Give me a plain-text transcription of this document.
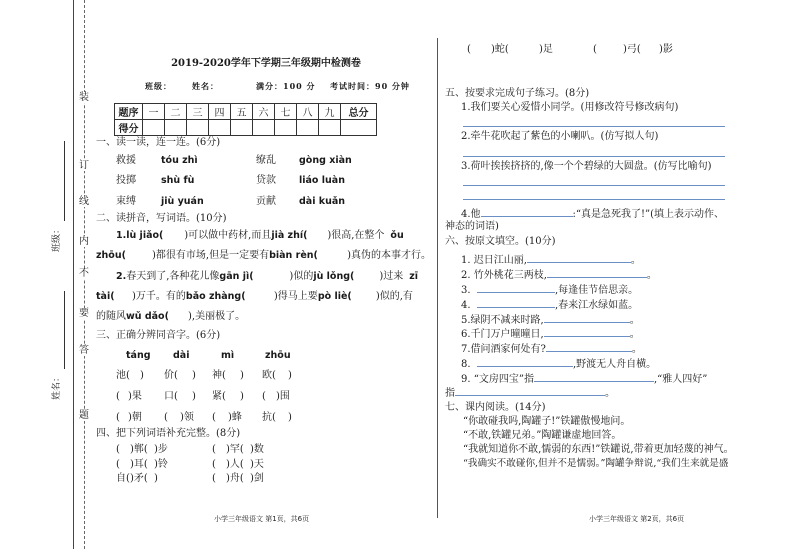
班级：
姓名：
装
订
线
内
不
要
答
题
2019-2020学年下学期三年级期中检测卷
班级：	姓名：	满分：100 分 考试时间：90 分钟
题序	一	二	三	四	五	六	七	八	九	总分
得分										
一、读一读，连一连。(6分)
救援	tóu zhì	缭乱 gòng xiàn
投掷	shù fù	贷款 liáo luàn
束缚	jiù yuán	贡献 dài kuǎn
二、读拼音，写词语。(10分)
1.lù jiǎo( )可以做中药材,而且jià zhí( )很高,在整个 ǒu
zhōu(	)都很有市场,但是一定要有biàn rèn(	)真伪的本事才行。
2.春天到了,各种花儿像gān jì(	)似的jù lǒng( )过来 zī
tài( )万千。有的bǎo zhàng(	)得马上要pò liè( )似的,有
的随风wǔ dǎo( ),美丽极了。
三、正确分辨同音字。(6分)
táng dài	mì	zhōu
池( ) 价( ) 神( ) 欧( )
( )果 口( ) 紧( ) ( )围
( )朝 ( )领 ( )蜂 抗( )
四、把下列词语补充完整。(8分)
( )郸( )步	( )罕( )数
( )耳( )铃	( )人( )天
自()矛( )	( )舟( )剑
小学三年级语文 第1页，共6页
( )蛇(	)足	(	)弓( )影
五、按要求完成句子练习。(8分)
1.我们要关心爱惜小同学。(用修改符号修改病句)
2.牵牛花吹起了紫色的小喇叭。(仿写拟人句)
3.荷叶挨挨挤挤的,像一个个碧绿的大圆盘。(仿写比喻句)
4.他	:“真是急死我了!”(填上表示动作、
神态的词语)
六、按原文填空。(10分)
1. 迟日江山丽,	。
2. 竹外桃花三两枝,	。
3.	,每逢佳节倍思亲。
4.	,春来江水绿如蓝。
5.绿阴不减来时路,	。
6.千门万户曈曈日,	。
7.借问酒家何处有?	。
8.	,野渡无人舟自横。
9. “文房四宝”指	,“雅人四好”
指	。
七、课内阅读。(14分)
“你敢碰我吗,陶罐子!”铁罐傲慢地问。
“不敢,铁罐兄弟。”陶罐谦虚地回答。
“我就知道你不敢,懦弱的东西!”铁罐说,带着更加轻蔑的神气。
“我确实不敢碰你,但并不是懦弱。”陶罐争辩说,“我们生来就是盛
小学三年级语文 第2页，共6页
